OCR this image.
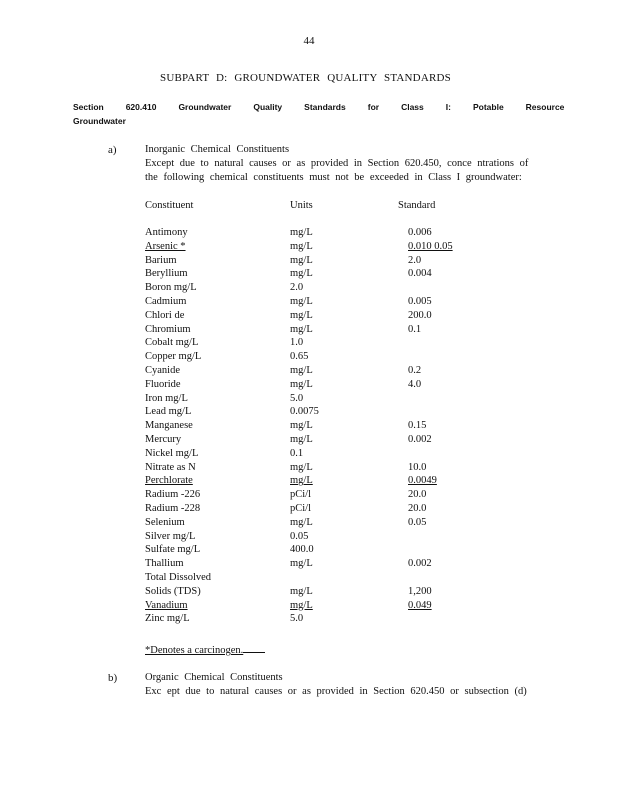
44
SUBPART D: GROUNDWATER QUALITY STANDARDS
Section	620.410	Groundwater	Quality	Standards	for	Class	I:	Potable	Resource
Groundwater
a)	Inorganic Chemical Constituents
Except due to natural causes or as provided in Section 620.450, conce ntrations of
the following chemical constituents must not be exceeded in Class I groundwater:
Constituent	Units	Standard
Antimony	mg/L	0.006
Arsenic *	mg/L	0.010 0.05
Barium	mg/L	2.0
Beryllium	mg/L	0.004
Boron mg/L	2.0
Cadmium	mg/L	0.005
Chlori de	mg/L	200.0
Chromium	mg/L	0.1
Cobalt mg/L	1.0
Copper mg/L	0.65
Cyanide	mg/L	0.2
Fluoride	mg/L	4.0
Iron mg/L	5.0
Lead mg/L	0.0075
Manganese	mg/L	0.15
Mercury	mg/L	0.002
Nickel mg/L	0.1
Nitrate as N	mg/L	10.0
Perchlorate	mg/L	0.0049
Radium -226	pCi/l	20.0
Radium -228	pCi/l	20.0
Selenium	mg/L	0.05
Silver mg/L	0.05
Sulfate mg/L	400.0
Thallium	mg/L	0.002
Total Dissolved
Solids (TDS)	mg/L	1,200
Vanadium	mg/L	0.049
Zinc mg/L	5.0
*Denotes a carcinogen.
b)	Organic Chemical Constituents
Exc ept due to natural causes or as provided in Section 620.450 or subsection (d)
